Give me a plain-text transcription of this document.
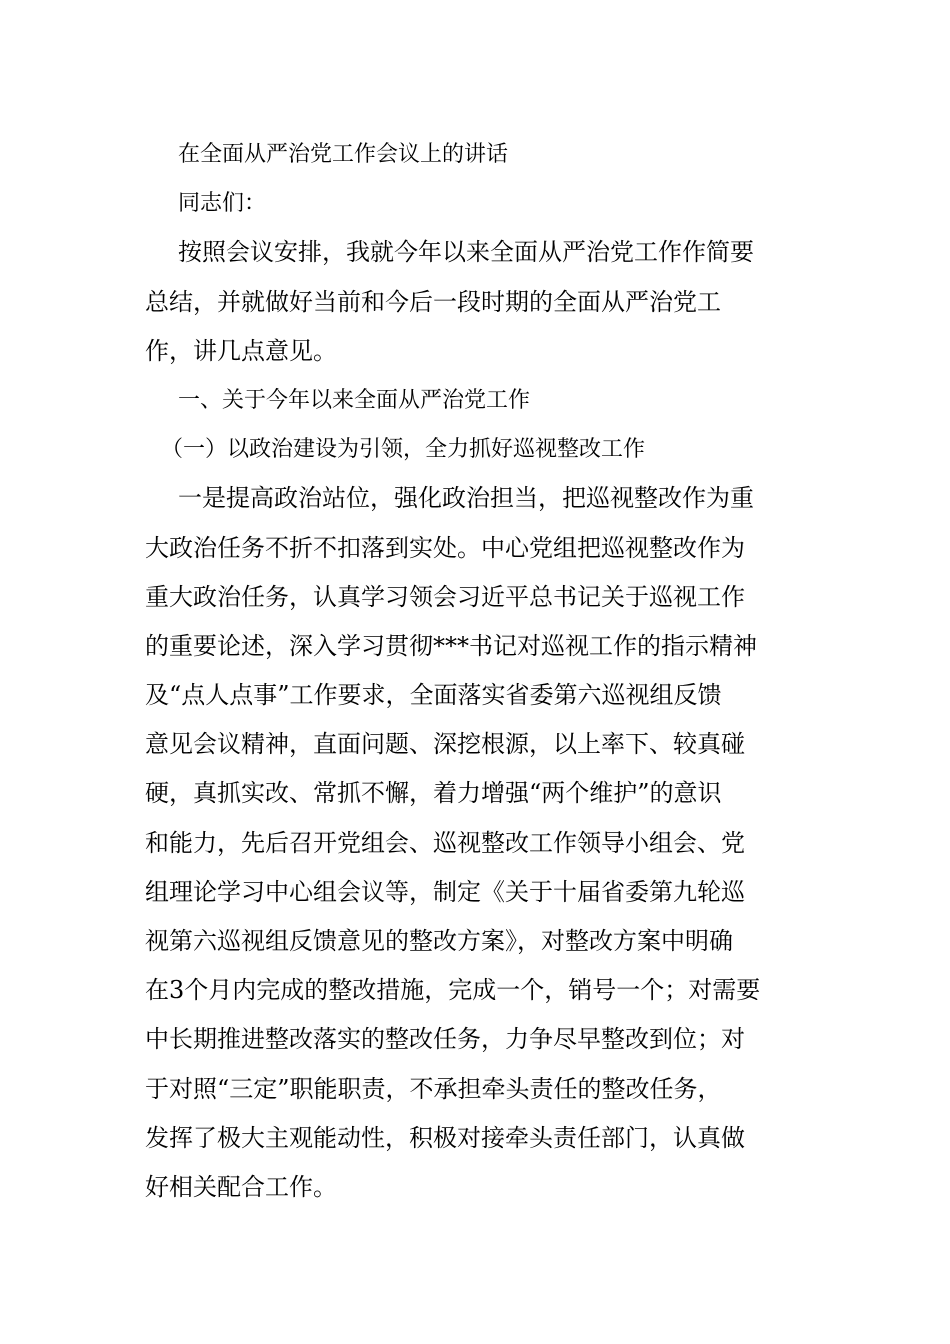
在全面从严治党工作会议上的讲话
同志们：
按照会议安排，我就今年以来全面从严治党工作作简要
总结，并就做好当前和今后一段时期的全面从严治党工
作，讲几点意见。
一、关于今年以来全面从严治党工作
（一）以政治建设为引领，全力抓好巡视整改工作
一是提高政治站位，强化政治担当，把巡视整改作为重
大政治任务不折不扣落到实处。中心党组把巡视整改作为
重大政治任务，认真学习领会习近平总书记关于巡视工作
的重要论述，深入学习贯彻***书记对巡视工作的指示精神
及“点人点事”工作要求，全面落实省委第六巡视组反馈
意见会议精神，直面问题、深挖根源，以上率下、较真碰
硬，真抓实改、常抓不懈，着力增强“两个维护”的意识
和能力，先后召开党组会、巡视整改工作领导小组会、党
组理论学习中心组会议等，制定《关于十届省委第九轮巡
视第六巡视组反馈意见的整改方案》，对整改方案中明确
在3个月内完成的整改措施，完成一个，销号一个；对需要
中长期推进整改落实的整改任务，力争尽早整改到位；对
于对照“三定”职能职责，不承担牵头责任的整改任务，
发挥了极大主观能动性，积极对接牵头责任部门，认真做
好相关配合工作。
